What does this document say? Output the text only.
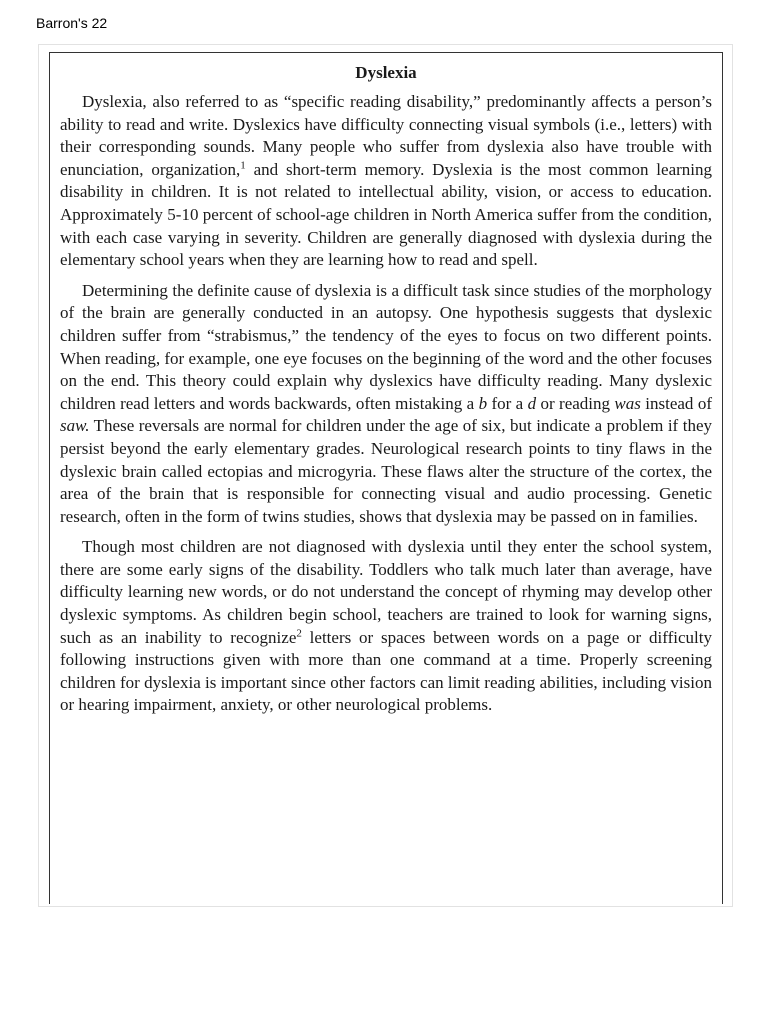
Barron's 22
Dyslexia

Dyslexia, also referred to as “specific reading disability,” predominantly affects a person’s ability to read and write. Dyslexics have difficulty connecting visual symbols (i.e., letters) with their corresponding sounds. Many people who suffer from dyslexia also have trouble with enunciation, organization,$^1$ and short-term memory. Dyslexia is the most common learning disability in children. It is not related to intellectual ability, vision, or access to education. Approximately 5-10 percent of school-age children in North America suffer from the condition, with each case varying in severity. Children are generally diagnosed with dyslexia during the elementary school years when they are learning how to read and spell.

Determining the definite cause of dyslexia is a difficult task since studies of the morphology of the brain are generally conducted in an autopsy. One hypothesis suggests that dyslexic children suffer from “strabismus,” the tendency of the eyes to focus on two different points. When reading, for example, one eye focuses on the beginning of the word and the other focuses on the end. This theory could explain why dyslexics have difficulty reading. Many dyslexic children read letters and words backwards, often mistaking a b for a d or reading was instead of saw. These reversals are normal for children under the age of six, but indicate a problem if they persist beyond the early elementary grades. Neurological research points to tiny flaws in the dyslexic brain called ectopias and microgyria. These flaws alter the structure of the cortex, the area of the brain that is responsible for connecting visual and audio processing. Genetic research, often in the form of twins studies, shows that dyslexia may be passed on in families.

Though most children are not diagnosed with dyslexia until they enter the school system, there are some early signs of the disability. Toddlers who talk much later than average, have difficulty learning new words, or do not understand the concept of rhyming may develop other dyslexic symptoms. As children begin school, teachers are trained to look for warning signs, such as an inability to recognize$^2$ letters or spaces between words on a page or difficulty following instructions given with more than one command at a time. Properly screening children for dyslexia is important since other factors can limit reading abilities, including vision or hearing impairment, anxiety, or other neurological problems.
